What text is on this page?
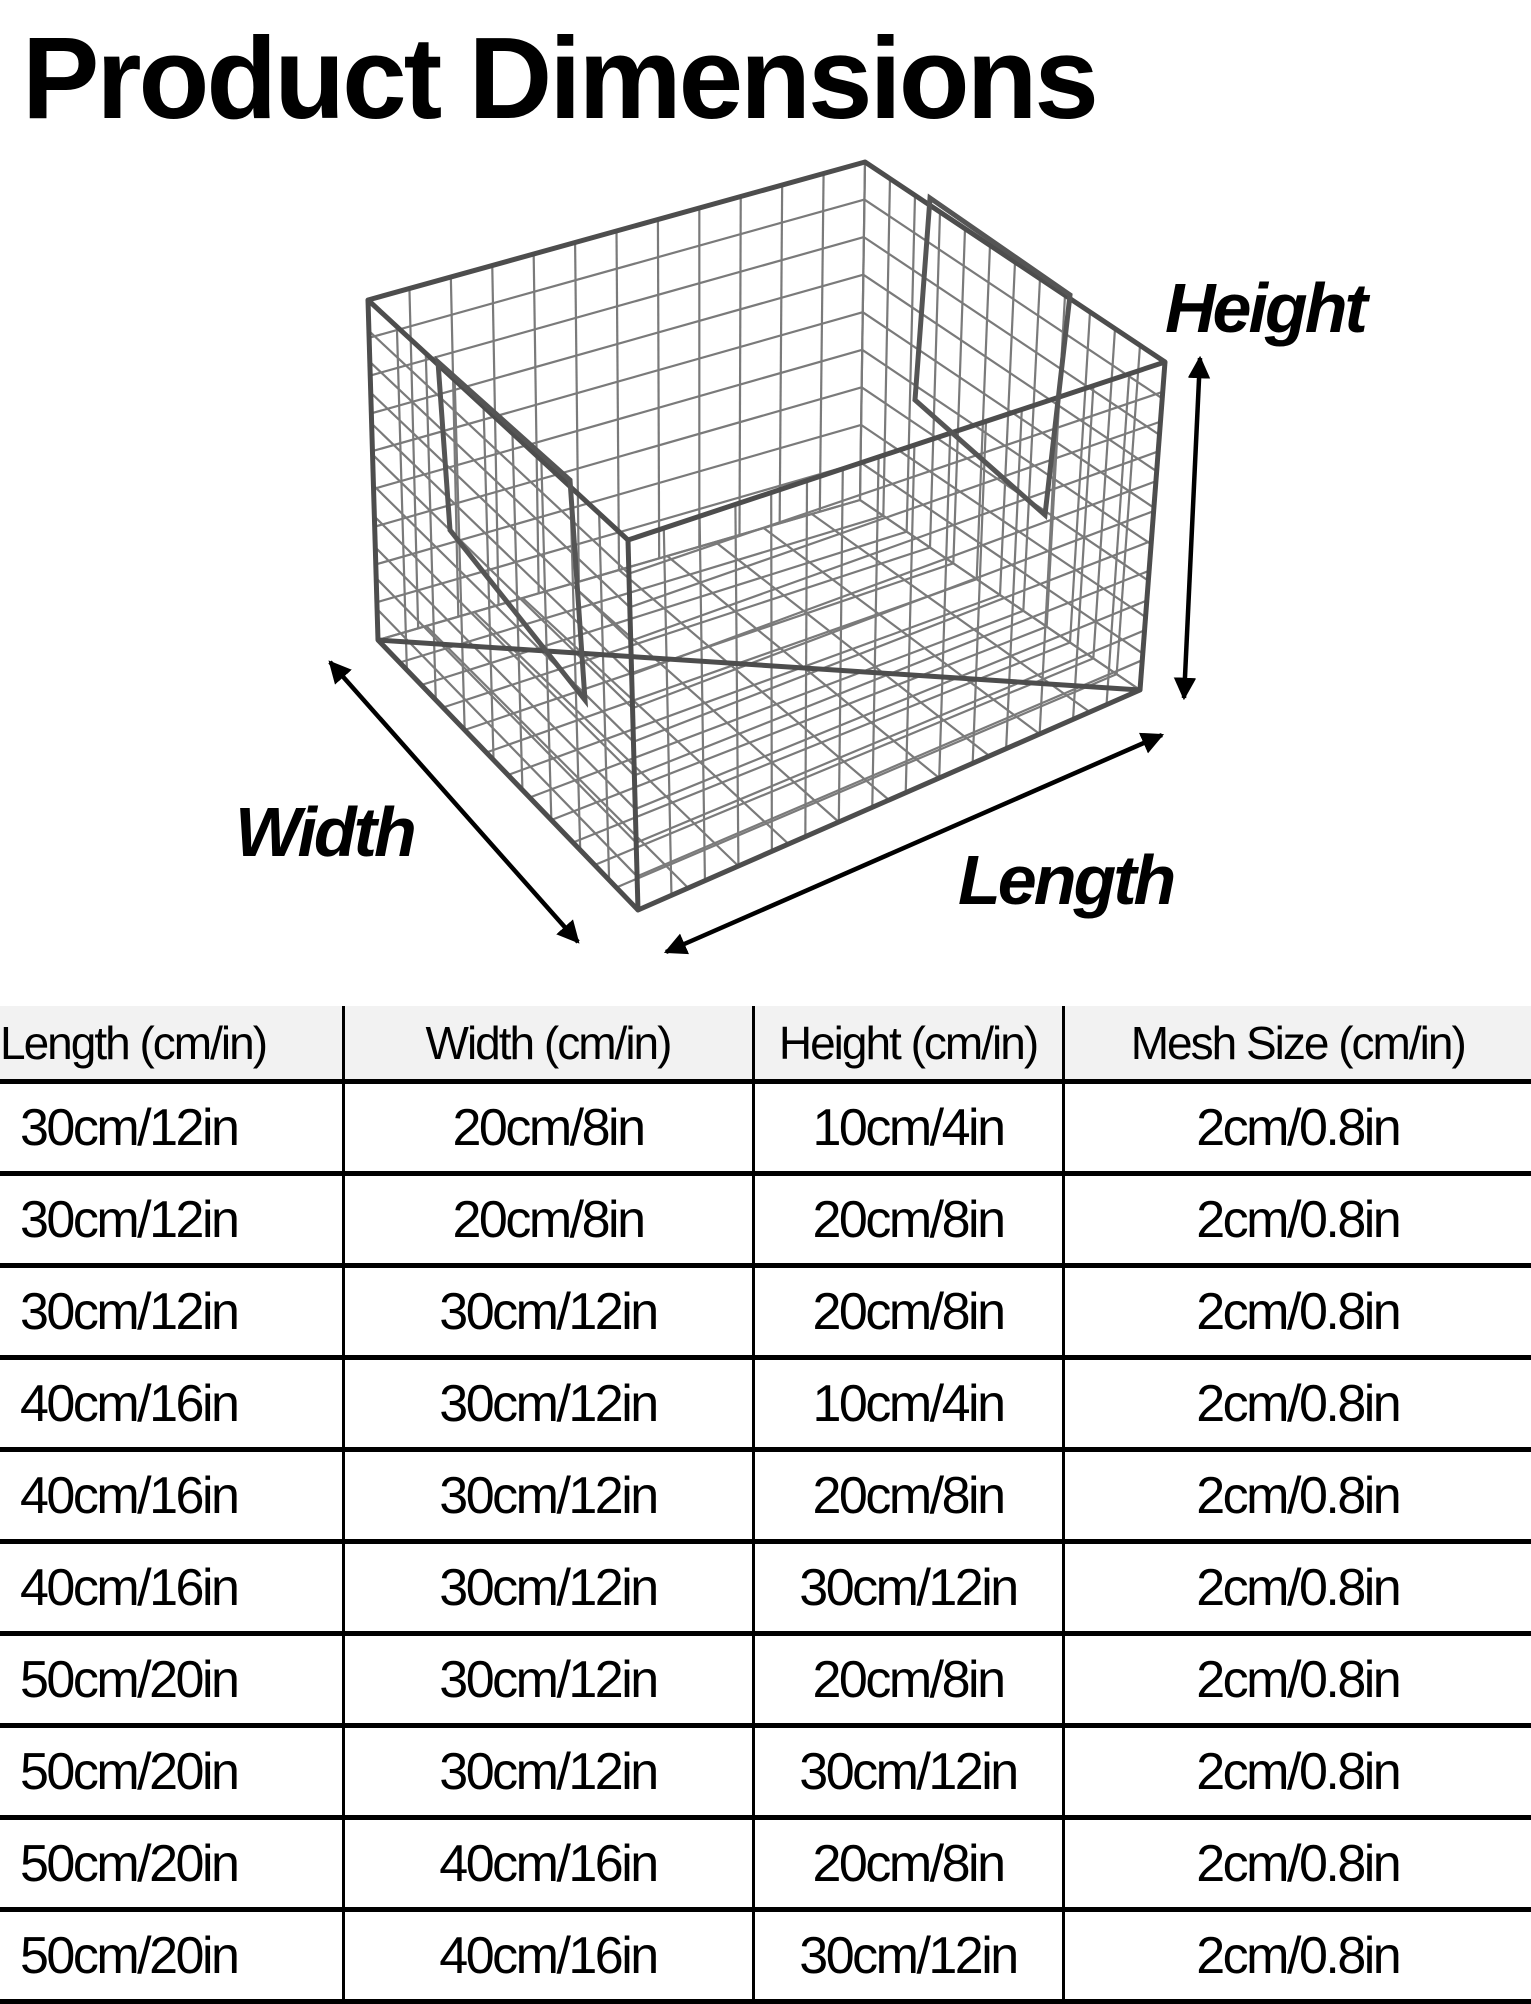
Product Dimensions
Height
Width
Length
Length (cm/in)	Width (cm/in)	Height (cm/in)	Mesh Size (cm/in)
30cm/12in	20cm/8in	10cm/4in	2cm/0.8in
30cm/12in	20cm/8in	20cm/8in	2cm/0.8in
30cm/12in	30cm/12in	20cm/8in	2cm/0.8in
40cm/16in	30cm/12in	10cm/4in	2cm/0.8in
40cm/16in	30cm/12in	20cm/8in	2cm/0.8in
40cm/16in	30cm/12in	30cm/12in	2cm/0.8in
50cm/20in	30cm/12in	20cm/8in	2cm/0.8in
50cm/20in	30cm/12in	30cm/12in	2cm/0.8in
50cm/20in	40cm/16in	20cm/8in	2cm/0.8in
50cm/20in	40cm/16in	30cm/12in	2cm/0.8in
